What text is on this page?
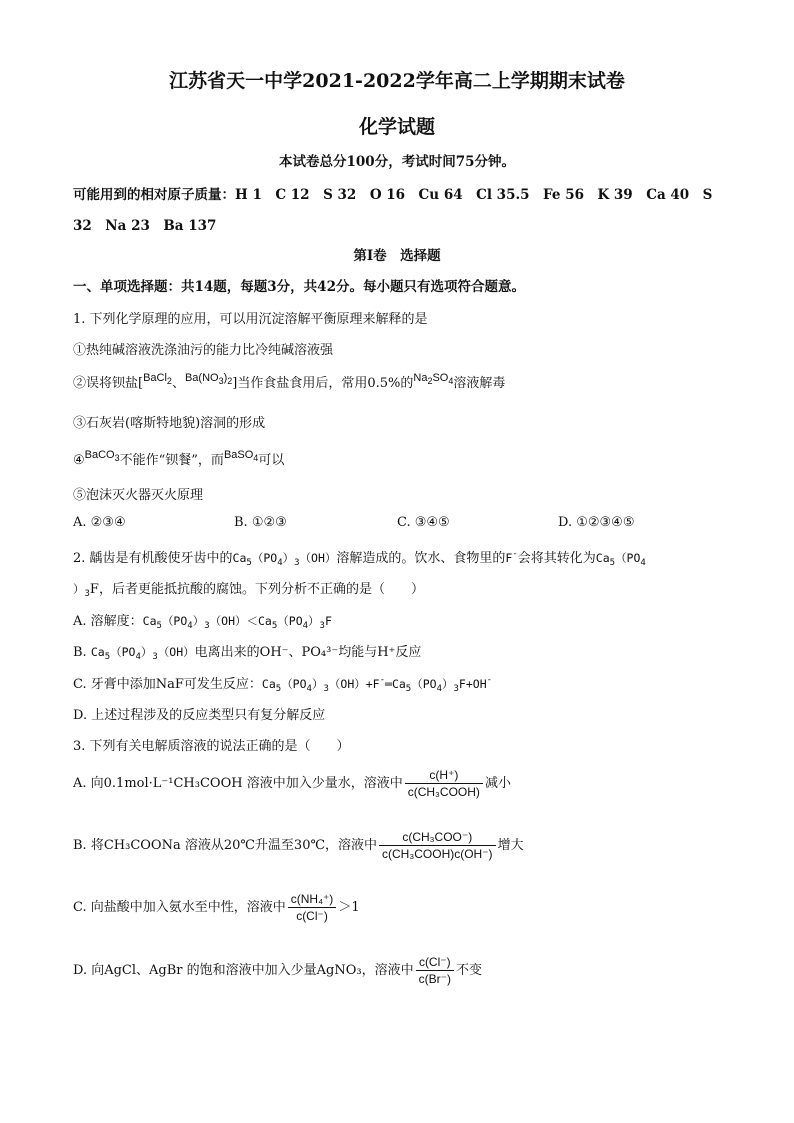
江苏省天一中学2021-2022学年高二上学期期末试卷
化学试题
本试卷总分100分，考试时间75分钟。
可能用到的相对原子质量：H 1　C 12　S 32　O 16　Cu 64　Cl 35.5　Fe 56　K 39　Ca 40　S
32　Na 23　Ba 137
第Ⅰ卷　选择题
一、单项选择题：共14题，每题3分，共42分。每小题只有选项符合题意。
1. 下列化学原理的应用，可以用沉淀溶解平衡原理来解释的是
①热纯碱溶液洗涤油污的能力比冷纯碱溶液强
②误将钡盐[$^{BaCl_2}$、$^{Ba(NO_3)_2}$]当作食盐食用后，常用0.5%的$^{Na_2SO_4}$溶液解毒
③石灰岩(喀斯特地貌)溶洞的形成
④$^{BaCO_3}$不能作“钡餐”，而$^{BaSO_4}$可以
⑤泡沫灭火器灭火原理
A. ②③④	B. ①②③	C. ③④⑤	D. ①②③④⑤
2. 龋齿是有机酸使牙齿中的$Ca_5(PO_4)_3(OH)$溶解造成的。饮水、食物里的F-会将其转化为$Ca_5(PO_4$
）$_3F$，后者更能抵抗酸的腐蚀。下列分析不正确的是（　　）
A. 溶解度：$Ca_5(PO_4)_3(OH)<Ca_5(PO_4)_3F$
B. $Ca_5(PO_4)_3(OH)$电离出来的OH⁻、PO₄³⁻均能与H⁺反应
C. 牙膏中添加NaF可发生反应：$Ca_5(PO_4)_3(OH)+F^-═Ca_5(PO_4)_3F+OH^-$
D. 上述过程涉及的反应类型只有复分解反应
3. 下列有关电解质溶液的说法正确的是（　　）
A. 向0.1mol·L⁻¹CH₃COOH 溶液中加入少量水，溶液中 $\frac{c(H^+)}{\text{c(CH₃COOH)}}$ 减小
B. 将CH₃COONa 溶液从20℃升温至30℃，溶液中 $\frac{\text{c(CH₃COO⁻)}}{\text{c(CH₃COOH)c(OH⁻)}}$ 增大
C. 向盐酸中加入氨水至中性，溶液中 $\frac{\text{c(NH₄⁺)}}{c(Cl^-)} >1$
D. 向AgCl、AgBr 的饱和溶液中加入少量AgNO₃，溶液中 $\frac{c(Cl^-)}{c(Br^-)}$ 不变
